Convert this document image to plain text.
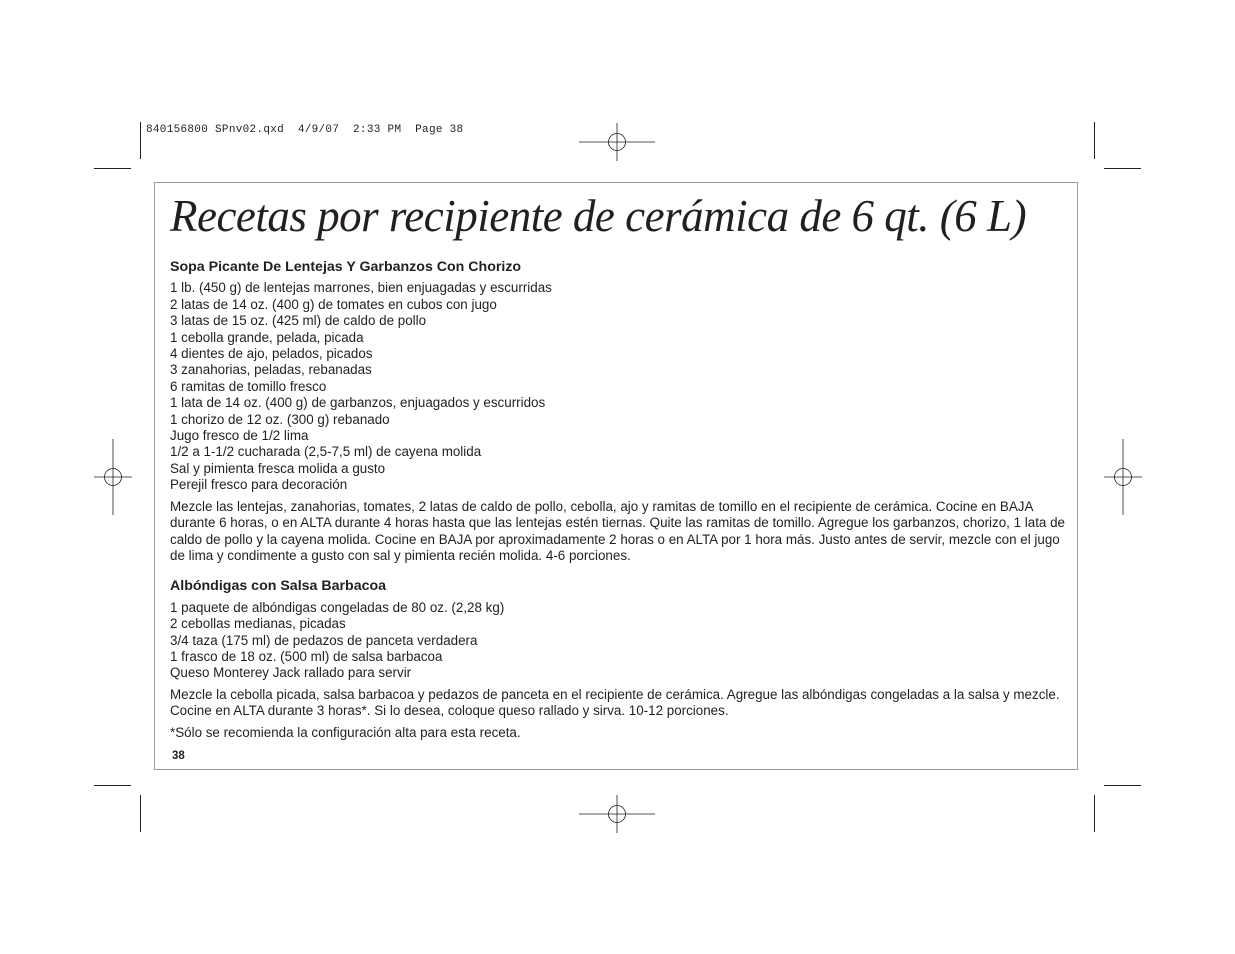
840156800 SPnv02.qxd  4/9/07  2:33 PM  Page 38
Recetas por recipiente de cerámica de 6 qt. (6 L)
Sopa Picante De Lentejas Y Garbanzos Con Chorizo
1 lb. (450 g) de lentejas marrones, bien enjuagadas y escurridas
2 latas de 14 oz. (400 g) de tomates en cubos con jugo
3 latas de 15 oz. (425 ml) de caldo de pollo
1 cebolla grande, pelada, picada
4 dientes de ajo, pelados, picados
3 zanahorias, peladas, rebanadas
6 ramitas de tomillo fresco
1 lata de 14 oz. (400 g) de garbanzos, enjuagados y escurridos
1 chorizo de 12 oz. (300 g) rebanado
Jugo fresco de 1/2 lima
1/2 a 1-1/2 cucharada (2,5-7,5 ml) de cayena molida
Sal y pimienta fresca molida a gusto
Perejil fresco para decoración

Mezcle las lentejas, zanahorias, tomates, 2 latas de caldo de pollo, cebolla, ajo y ramitas de tomillo en el recipiente de cerámica. Cocine en BAJA durante 6 horas, o en ALTA durante 4 horas hasta que las lentejas estén tiernas. Quite las ramitas de tomillo. Agregue los garbanzos, chorizo, 1 lata de caldo de pollo y la cayena molida. Cocine en BAJA por aproximadamente 2 horas o en ALTA por 1 hora más. Justo antes de servir, mezcle con el jugo de lima y condimente a gusto con sal y pimienta recién molida. 4-6 porciones.

Albóndigas con Salsa Barbacoa
1 paquete de albóndigas congeladas de 80 oz. (2,28 kg)
2 cebollas medianas, picadas
3/4 taza (175 ml) de pedazos de panceta verdadera
1 frasco de 18 oz. (500 ml) de salsa barbacoa
Queso Monterey Jack rallado para servir

Mezcle la cebolla picada, salsa barbacoa y pedazos de panceta en el recipiente de cerámica. Agregue las albóndigas congeladas a la salsa y mezcle. Cocine en ALTA durante 3 horas*. Si lo desea, coloque queso rallado y sirva. 10-12 porciones.

*Sólo se recomienda la configuración alta para esta receta.

38
